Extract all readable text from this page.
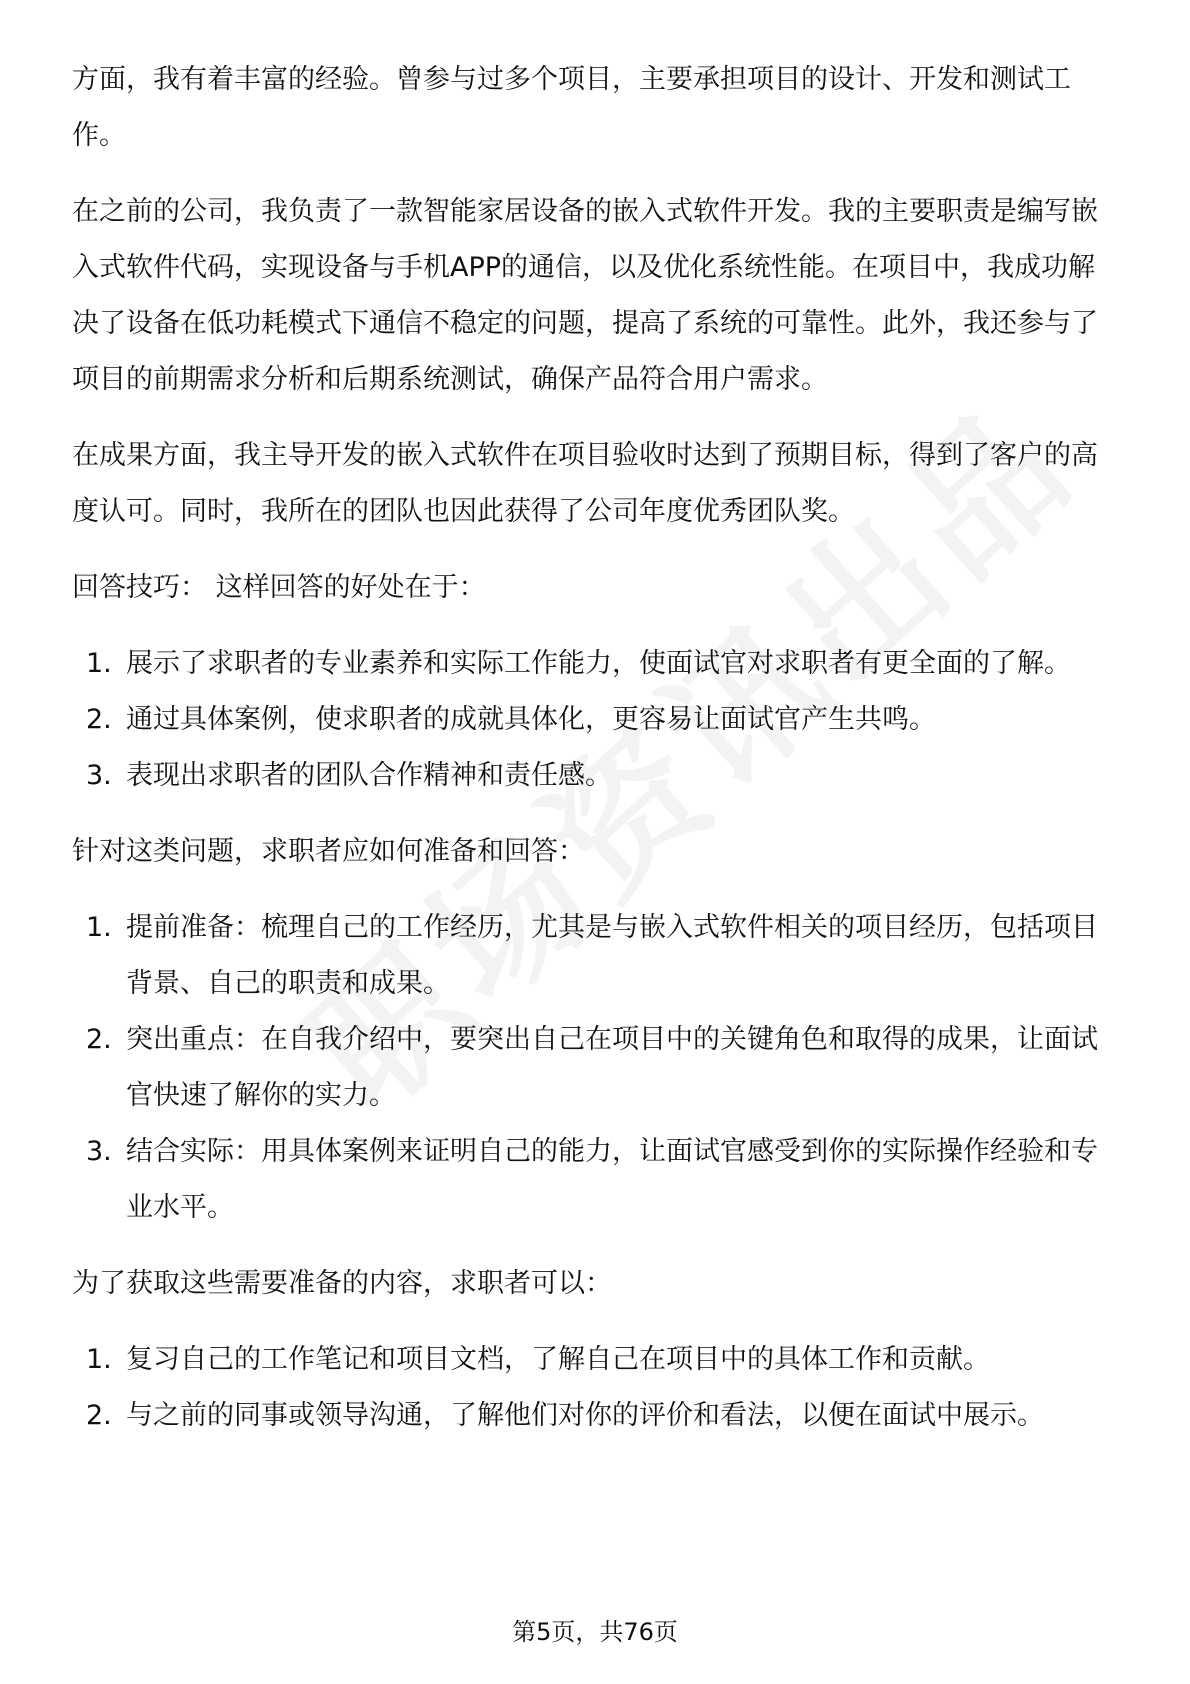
方面，我有着丰富的经验。曾参与过多个项目，主要承担项目的设计、开发和测试工作。

在之前的公司，我负责了一款智能家居设备的嵌入式软件开发。我的主要职责是编写嵌入式软件代码，实现设备与手机APP的通信，以及优化系统性能。在项目中，我成功解决了设备在低功耗模式下通信不稳定的问题，提高了系统的可靠性。此外，我还参与了项目的前期需求分析和后期系统测试，确保产品符合用户需求。

在成果方面，我主导开发的嵌入式软件在项目验收时达到了预期目标，得到了客户的高度认可。同时，我所在的团队也因此获得了公司年度优秀团队奖。

回答技巧： 这样回答的好处在于：

1. 展示了求职者的专业素养和实际工作能力，使面试官对求职者有更全面的了解。
2. 通过具体案例，使求职者的成就具体化，更容易让面试官产生共鸣。
3. 表现出求职者的团队合作精神和责任感。

针对这类问题，求职者应如何准备和回答：

1. 提前准备：梳理自己的工作经历，尤其是与嵌入式软件相关的项目经历，包括项目背景、自己的职责和成果。
2. 突出重点：在自我介绍中，要突出自己在项目中的关键角色和取得的成果，让面试官快速了解你的实力。
3. 结合实际：用具体案例来证明自己的能力，让面试官感受到你的实际操作经验和专业水平。

为了获取这些需要准备的内容，求职者可以：

1. 复习自己的工作笔记和项目文档，了解自己在项目中的具体工作和贡献。
2. 与之前的同事或领导沟通，了解他们对你的评价和看法，以便在面试中展示。
第5页，共76页
